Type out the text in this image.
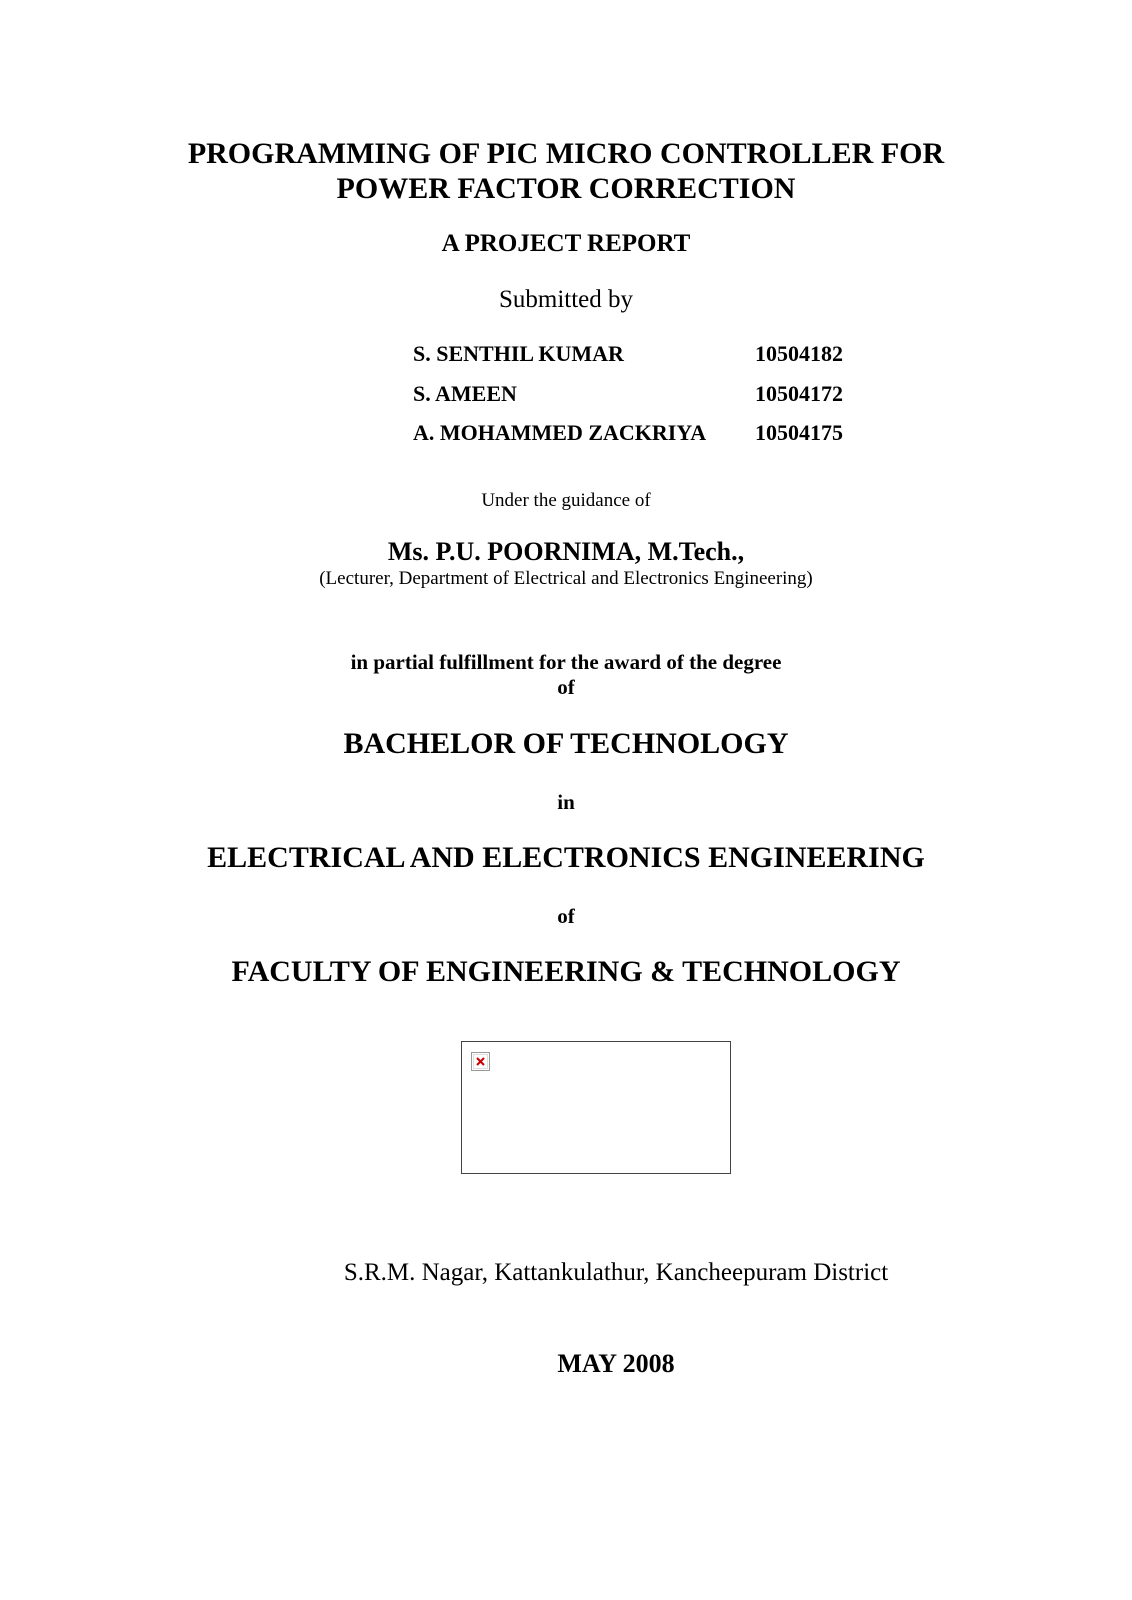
PROGRAMMING OF PIC MICRO CONTROLLER FOR
POWER FACTOR CORRECTION
A PROJECT REPORT
Submitted by
S. SENTHIL KUMAR	10504182
S. AMEEN	10504172
A. MOHAMMED ZACKRIYA	10504175
Under the guidance of
Ms. P.U. POORNIMA, M.Tech.,
(Lecturer, Department of Electrical and Electronics Engineering)
in partial fulfillment for the award of the degree
of
BACHELOR OF TECHNOLOGY
in
ELECTRICAL AND ELECTRONICS ENGINEERING
of
FACULTY OF ENGINEERING & TECHNOLOGY
S.R.M. Nagar, Kattankulathur, Kancheepuram District
MAY 2008
